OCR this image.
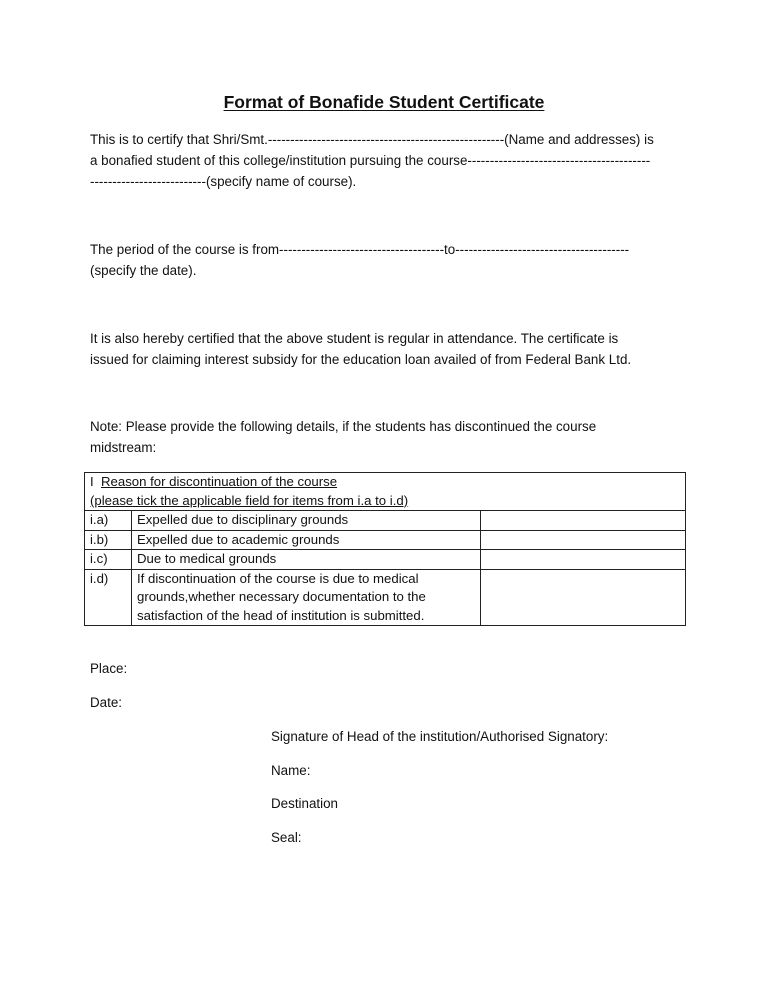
Format of Bonafide Student Certificate

This is to certify that Shri/Smt.-----------------------------------------------------(Name and addresses) is
a bonafied student of this college/institution pursuing the course-----------------------------------------
--------------------------(specify name of course).

The period of the course is from-------------------------------------to---------------------------------------
(specify the date).

It is also hereby certified that the above student is regular in attendance. The certificate is
issued for claiming interest subsidy for the education loan availed of from Federal Bank Ltd.

Note: Please provide the following details, if the students has discontinued the course
midstream:

I  Reason for discontinuation of the course
(please tick the applicable field for items from i.a to i.d)		

i.a)	Expelled due to disciplinary grounds	
i.b)	Expelled due to academic grounds	
i.c)	Due to medical grounds	
i.d)	If discontinuation of the course is due to medical grounds,whether necessary documentation to the satisfaction of the head of institution is submitted.	

Place:

Date:

Signature of Head of the institution/Authorised Signatory:

Name:

Destination

Seal:
